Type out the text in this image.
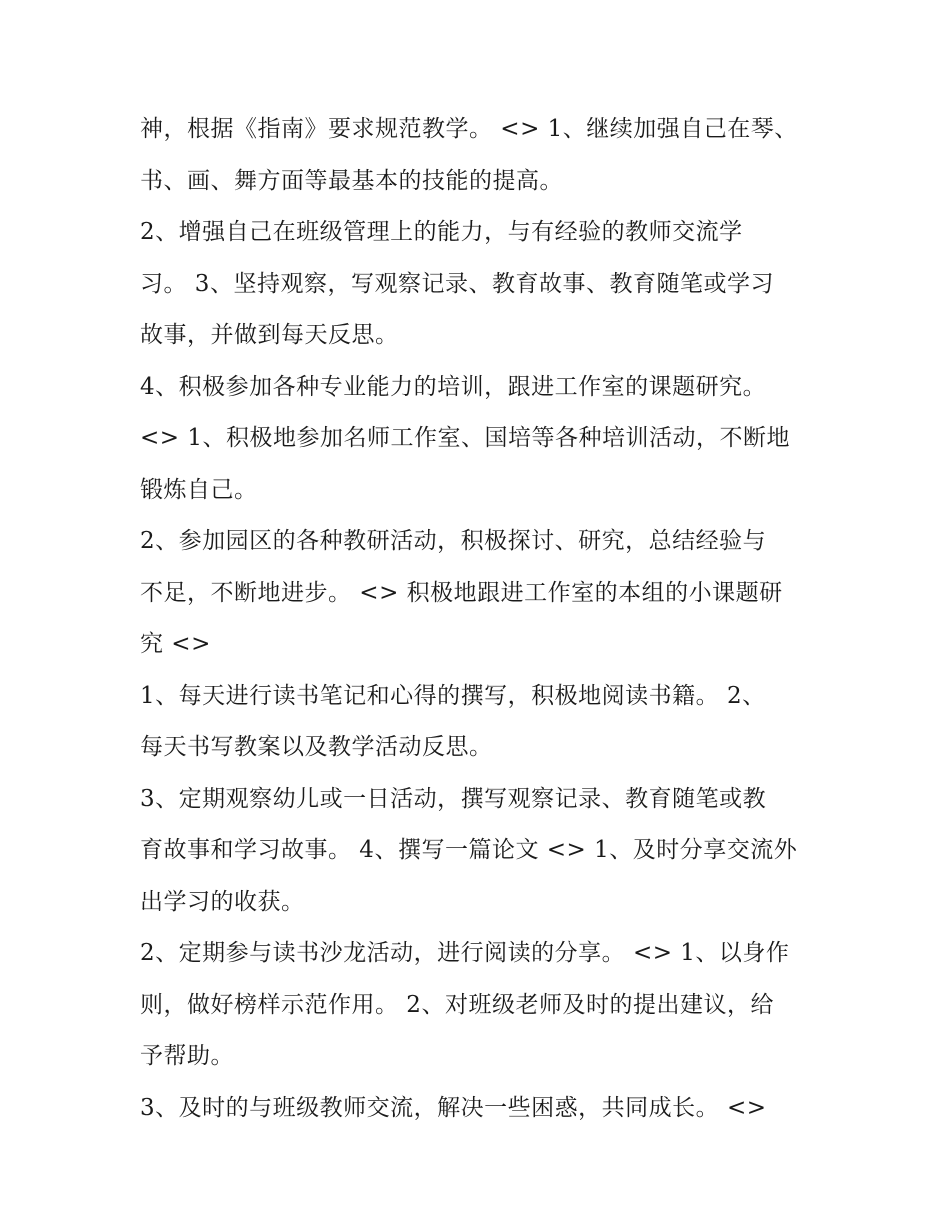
神，根据《指南》要求规范教学。 <> 1、继续加强自己在琴、
书、画、舞方面等最基本的技能的提高。
2、增强自己在班级管理上的能力，与有经验的教师交流学
习。 3、坚持观察，写观察记录、教育故事、教育随笔或学习
故事，并做到每天反思。
4、积极参加各种专业能力的培训，跟进工作室的课题研究。
<> 1、积极地参加名师工作室、国培等各种培训活动，不断地
锻炼自己。
2、参加园区的各种教研活动，积极探讨、研究，总结经验与
不足，不断地进步。 <> 积极地跟进工作室的本组的小课题研
究 <>
1、每天进行读书笔记和心得的撰写，积极地阅读书籍。 2、
每天书写教案以及教学活动反思。
3、定期观察幼儿或一日活动，撰写观察记录、教育随笔或教
育故事和学习故事。 4、撰写一篇论文 <> 1、及时分享交流外
出学习的收获。
2、定期参与读书沙龙活动，进行阅读的分享。 <> 1、以身作
则，做好榜样示范作用。 2、对班级老师及时的提出建议，给
予帮助。
3、及时的与班级教师交流，解决一些困惑，共同成长。 <>
